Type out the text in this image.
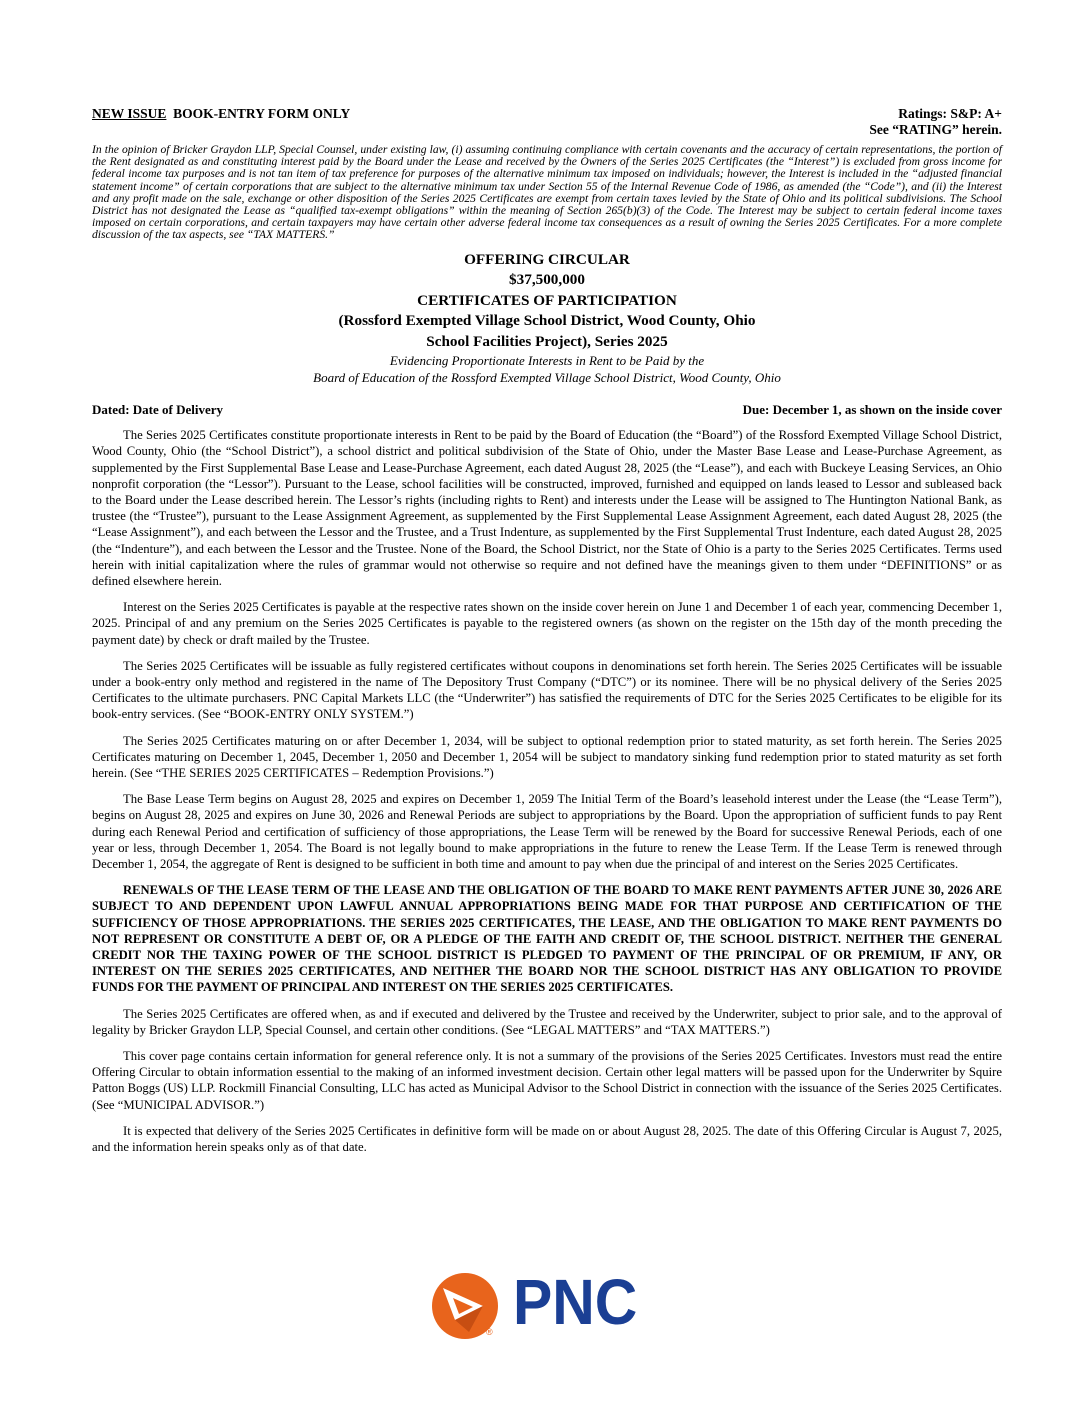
NEW ISSUE BOOK-ENTRY FORM ONLY	Ratings: S&P: A+
See “RATING” herein.
In the opinion of Bricker Graydon LLP, Special Counsel, under existing law, (i) assuming continuing compliance with certain covenants and the accuracy of certain representations, the portion of the Rent designated as and constituting interest paid by the Board under the Lease and received by the Owners of the Series 2025 Certificates (the “Interest”) is excluded from gross income for federal income tax purposes and is not tan item of tax preference for purposes of the alternative minimum tax imposed on individuals; however, the Interest is included in the “adjusted financial statement income” of certain corporations that are subject to the alternative minimum tax under Section 55 of the Internal Revenue Code of 1986, as amended (the “Code”), and (ii) the Interest and any profit made on the sale, exchange or other disposition of the Series 2025 Certificates are exempt from certain taxes levied by the State of Ohio and its political subdivisions. The School District has not designated the Lease as “qualified tax-exempt obligations” within the meaning of Section 265(b)(3) of the Code. The Interest may be subject to certain federal income taxes imposed on certain corporations, and certain taxpayers may have certain other adverse federal income tax consequences as a result of owning the Series 2025 Certificates. For a more complete discussion of the tax aspects, see “TAX MATTERS.”
OFFERING CIRCULAR
$37,500,000
CERTIFICATES OF PARTICIPATION
(Rossford Exempted Village School District, Wood County, Ohio
School Facilities Project), Series 2025
Evidencing Proportionate Interests in Rent to be Paid by the
Board of Education of the Rossford Exempted Village School District, Wood County, Ohio
Dated: Date of Delivery	Due: December 1, as shown on the inside cover

The Series 2025 Certificates constitute proportionate interests in Rent to be paid by the Board of Education (the “Board”) of the Rossford Exempted Village School District, Wood County, Ohio (the “School District”), a school district and political subdivision of the State of Ohio, under the Master Base Lease and Lease-Purchase Agreement, as supplemented by the First Supplemental Base Lease and Lease-Purchase Agreement, each dated August 28, 2025 (the “Lease”), and each with Buckeye Leasing Services, an Ohio nonprofit corporation (the “Lessor”). Pursuant to the Lease, school facilities will be constructed, improved, furnished and equipped on lands leased to Lessor and subleased back to the Board under the Lease described herein. The Lessor’s rights (including rights to Rent) and interests under the Lease will be assigned to The Huntington National Bank, as trustee (the “Trustee”), pursuant to the Lease Assignment Agreement, as supplemented by the First Supplemental Lease Assignment Agreement, each dated August 28, 2025 (the “Lease Assignment”), and each between the Lessor and the Trustee, and a Trust Indenture, as supplemented by the First Supplemental Trust Indenture, each dated August 28, 2025 (the “Indenture”), and each between the Lessor and the Trustee. None of the Board, the School District, nor the State of Ohio is a party to the Series 2025 Certificates. Terms used herein with initial capitalization where the rules of grammar would not otherwise so require and not defined have the meanings given to them under “DEFINITIONS” or as defined elsewhere herein.

Interest on the Series 2025 Certificates is payable at the respective rates shown on the inside cover herein on June 1 and December 1 of each year, commencing December 1, 2025. Principal of and any premium on the Series 2025 Certificates is payable to the registered owners (as shown on the register on the 15th day of the month preceding the payment date) by check or draft mailed by the Trustee.

The Series 2025 Certificates will be issuable as fully registered certificates without coupons in denominations set forth herein. The Series 2025 Certificates will be issuable under a book-entry only method and registered in the name of The Depository Trust Company (“DTC”) or its nominee. There will be no physical delivery of the Series 2025 Certificates to the ultimate purchasers. PNC Capital Markets LLC (the “Underwriter”) has satisfied the requirements of DTC for the Series 2025 Certificates to be eligible for its book-entry services. (See “BOOK-ENTRY ONLY SYSTEM.”)

The Series 2025 Certificates maturing on or after December 1, 2034, will be subject to optional redemption prior to stated maturity, as set forth herein. The Series 2025 Certificates maturing on December 1, 2045, December 1, 2050 and December 1, 2054 will be subject to mandatory sinking fund redemption prior to stated maturity as set forth herein. (See “THE SERIES 2025 CERTIFICATES – Redemption Provisions.”)

The Base Lease Term begins on August 28, 2025 and expires on December 1, 2059 The Initial Term of the Board’s leasehold interest under the Lease (the “Lease Term”), begins on August 28, 2025 and expires on June 30, 2026 and Renewal Periods are subject to appropriations by the Board. Upon the appropriation of sufficient funds to pay Rent during each Renewal Period and certification of sufficiency of those appropriations, the Lease Term will be renewed by the Board for successive Renewal Periods, each of one year or less, through December 1, 2054. The Board is not legally bound to make appropriations in the future to renew the Lease Term. If the Lease Term is renewed through December 1, 2054, the aggregate of Rent is designed to be sufficient in both time and amount to pay when due the principal of and interest on the Series 2025 Certificates.

RENEWALS OF THE LEASE TERM OF THE LEASE AND THE OBLIGATION OF THE BOARD TO MAKE RENT PAYMENTS AFTER JUNE 30, 2026 ARE SUBJECT TO AND DEPENDENT UPON LAWFUL ANNUAL APPROPRIATIONS BEING MADE FOR THAT PURPOSE AND CERTIFICATION OF THE SUFFICIENCY OF THOSE APPROPRIATIONS. THE SERIES 2025 CERTIFICATES, THE LEASE, AND THE OBLIGATION TO MAKE RENT PAYMENTS DO NOT REPRESENT OR CONSTITUTE A DEBT OF, OR A PLEDGE OF THE FAITH AND CREDIT OF, THE SCHOOL DISTRICT. NEITHER THE GENERAL CREDIT NOR THE TAXING POWER OF THE SCHOOL DISTRICT IS PLEDGED TO PAYMENT OF THE PRINCIPAL OF OR PREMIUM, IF ANY, OR INTEREST ON THE SERIES 2025 CERTIFICATES, AND NEITHER THE BOARD NOR THE SCHOOL DISTRICT HAS ANY OBLIGATION TO PROVIDE FUNDS FOR THE PAYMENT OF PRINCIPAL AND INTEREST ON THE SERIES 2025 CERTIFICATES.

The Series 2025 Certificates are offered when, as and if executed and delivered by the Trustee and received by the Underwriter, subject to prior sale, and to the approval of legality by Bricker Graydon LLP, Special Counsel, and certain other conditions. (See “LEGAL MATTERS” and “TAX MATTERS.”)

This cover page contains certain information for general reference only. It is not a summary of the provisions of the Series 2025 Certificates. Investors must read the entire Offering Circular to obtain information essential to the making of an informed investment decision. Certain other legal matters will be passed upon for the Underwriter by Squire Patton Boggs (US) LLP. Rockmill Financial Consulting, LLC has acted as Municipal Advisor to the School District in connection with the issuance of the Series 2025 Certificates. (See “MUNICIPAL ADVISOR.”)

It is expected that delivery of the Series 2025 Certificates in definitive form will be made on or about August 28, 2025. The date of this Offering Circular is August 7, 2025, and the information herein speaks only as of that date.

® PNC
